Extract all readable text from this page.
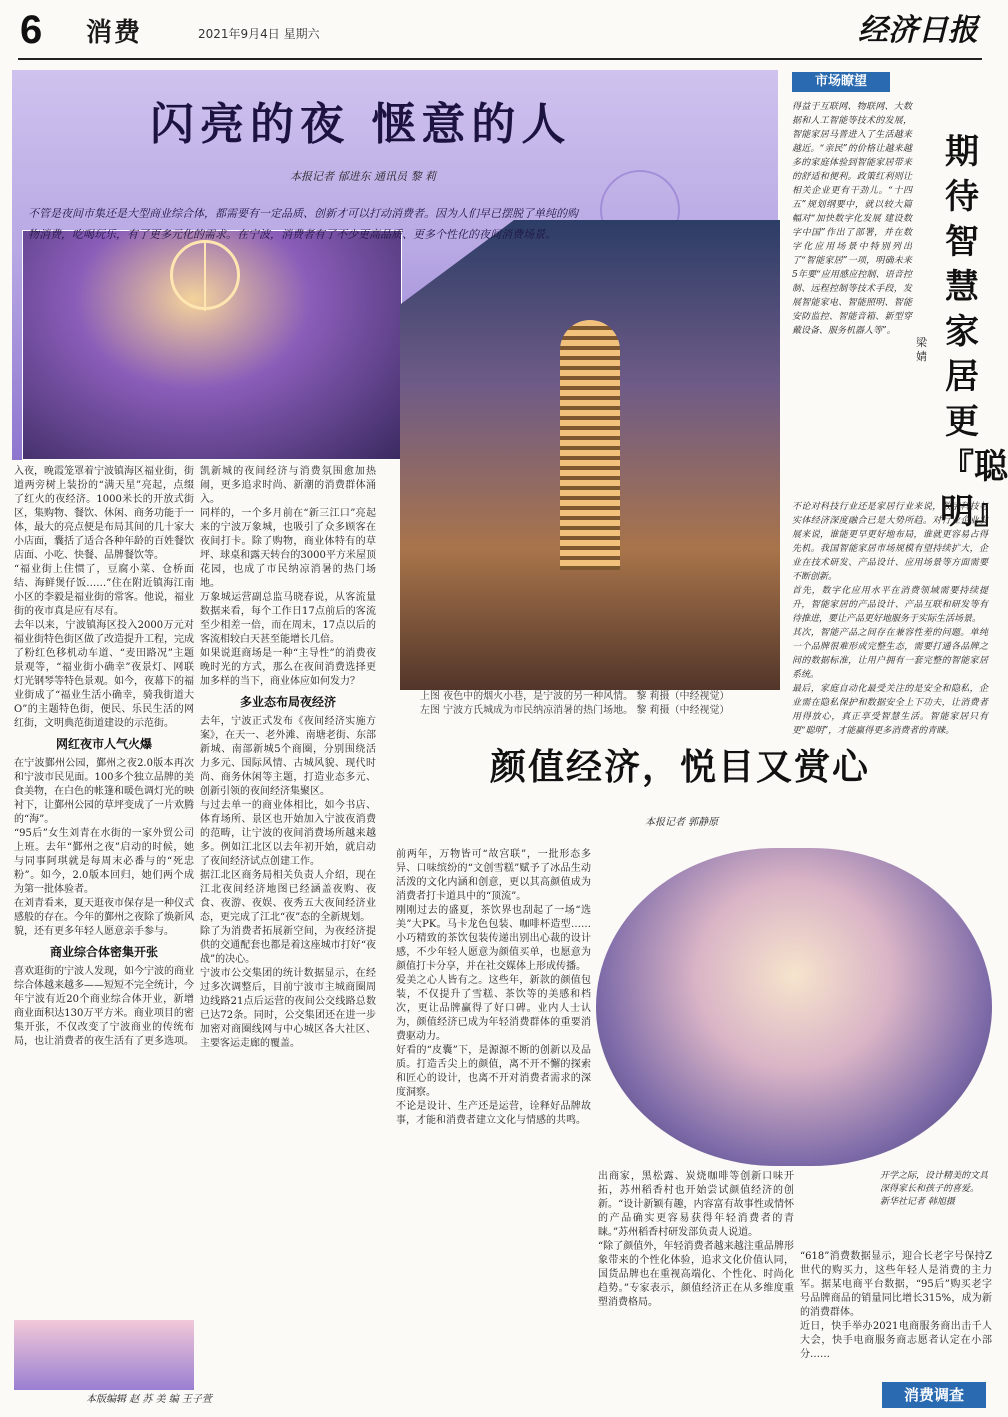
6 消费	2021年9月4日 星期六	经济日报
闪亮的夜 惬意的人
本报记者 郁进东 通讯员 黎 莉
不管是夜间市集还是大型商业综合体，都需要有一定品质、创新才可以打动消费者。因为人们早已摆脱了单纯的购物消费，吃喝玩乐，有了更多元化的需求。在宁波，消费者有了不少更高品质、更多个性化的夜间消费场景。
上图 夜色中的烟火小巷，是宁波的另一种风情。 黎 莉摄（中经视觉）
左图 宁波方氏城成为市民纳凉消暑的热门场地。 黎 莉摄（中经视觉）

入夜，晚霞笼罩着宁波镇海区福业街，街道两旁树上装扮的“满天星”亮起，点缀了红火的夜经济。1000米长的开放式街区，集购物、餐饮、休闲、商务功能于一体，最大的亮点便是布局其间的几十家大小店面，囊括了适合各种年龄的百姓餐饮店面、小吃、快餐、品牌餐饮等。

“福业街上住惯了，豆腐小菜、仓桥面结、海鲜煲仔饭……”住在附近镇海江南小区的李毅是福业街的常客。他说，福业街的夜市真是应有尽有。

去年以来，宁波镇海区投入2000万元对福业街特色街区做了改造提升工程，完成了粉红色移机动车道、“麦田路况”主题景观等，“福业街小确幸”夜景灯、网联灯光钢琴等特色景观。如今，夜幕下的福业街成了“福业生活小确幸，骑我街道大O”的主题特色街，便民、乐民生活的网红街，文明典范街道建设的示范街。

网红夜市人气火爆

在宁波鄞州公园，鄞州之夜2.0版本再次和宁波市民见面。100多个独立品牌的美食美物，在白色的帐篷和暖色调灯光的映衬下，让鄞州公园的草坪变成了一片欢腾的“海”。

“95后”女生刘青在水街的一家外贸公司上班。去年“鄞州之夜”启动的时候，她与同事阿琪就是每周末必番与的“死忠粉”。如今，2.0版本回归，她们两个成为第一批体验者。

在刘青看来，夏天逛夜市保存是一种仪式感般的存在。今年的鄞州之夜除了焕新风貌，还有更多年轻人愿意亲手参与。

商业综合体密集开张

喜欢逛街的宁波人发现，如今宁波的商业综合体越来越多——短短不完全统计，今年宁波有近20个商业综合体开业，新增商业面积达130万平方米。商业项目的密集开张，不仅改变了宁波商业的传统布局，也让消费者的夜生活有了更多选项。

凯新城的夜间经济与消费氛围愈加热闹，更多追求时尚、新潮的消费群体涌入。

同样的，一个多月前在“新三江口”亮起来的宁波万象城，也吸引了众多顾客在夜间打卡。除了购物，商业体特有的草坪、球桌和露天转台的3000平方米屋顶花园，也成了市民纳凉消暑的热门场地。

万象城运营副总监马晓春说，从客流量数据来看，每个工作日17点前后的客流至少相差一倍，而在周末，17点以后的客流相较白天甚至能增长几倍。

如果说逛商场是一种“主导性”的消费夜晚时光的方式，那么在夜间消费选择更加多样的当下，商业体应如何发力？

多业态布局夜经济

去年，宁波正式发布《夜间经济实施方案》，在天一、老外滩、南塘老街、东部新城、南部新城5个商圈，分别围绕活力多元、国际风情、古城风貌、现代时尚、商务休闲等主题，打造业态多元、创新引领的夜间经济集聚区。

与过去单一的商业体相比，如今书店、体育场所、景区也开始加入宁波夜消费的范畴，让宁波的夜间消费场所越来越多。例如江北区以去年初开始，就启动了夜间经济试点创建工作。

据江北区商务局相关负责人介绍，现在江北夜间经济地图已经涵盖夜购、夜食、夜游、夜娱、夜秀五大夜间经济业态，更完成了江北“夜”态的全新规划。

除了为消费者拓展新空间，为夜经济提供的交通配套也都是着这座城市打好“夜战”的决心。

宁波市公交集团的统计数据显示，在经过多次调整后，目前宁波市主城商圈周边线路21点后运营的夜间公交线路总数已达72条。同时，公交集团还在进一步加密对商圈线网与中心城区各大社区、主要客运走廊的覆盖。

市场瞭望
期待智慧家居更『聪明』
梁婧

得益于互联网、物联网、大数据和人工智能等技术的发展，智能家居马普进入了生活越来越近。“亲民”的价格让越来越多的家庭体验到智能家居带来的舒适和便利。政策红利则让相关企业更有干劲儿。“十四五”规划纲要中，就以较大篇幅对“加快数字化发展 建设数字中国”作出了部署，并在数字化应用场景中特别列出了“智能家居”一项，明确未来5年要“应用感应控制、语音控制、远程控制等技术手段，发展智能家电、智能照明、智能安防监控、智能音箱、新型穿戴设备、服务机器人等”。

不论对科技行业还是家居行业来说，数字科技与实体经济深度融合已是大势所趋。对行业企业发展来说，谁能更早更好地布局，谁就更容易占得先机。我国智能家居市场规模有望持续扩大，企业在技术研发、产品设计、应用场景等方面需要不断创新。

首先，数字化应用水平在消费领域需要持续提升，智能家居的产品设计、产品互联和研发等有待推进，要让产品更好地服务于实际生活场景。

其次，智能产品之间存在兼容性差的问题。单纯一个品牌很难形成完整生态，需要打通各品牌之间的数据标准，让用户拥有一套完整的智能家居系统。

最后，家庭自动化最受关注的是安全和隐私，企业需在隐私保护和数据安全上下功夫，让消费者用得放心，真正享受智慧生活。智能家居只有更“聪明”，才能赢得更多消费者的青睐。

颜值经济，悦目又赏心
本报记者 郭静原

前两年，万物皆可“故宫联”，一批形态多异、口味缤纷的“文创雪糕”赋予了冰品生动活泼的文化内涵和创意，更以其高颜值成为消费者打卡道具中的“顶流”。

刚刚过去的盛夏，茶饮界也刮起了一场“选美”大PK。马卡龙色包装、咖啡杯造型……小巧精致的茶饮包装传递出别出心裁的设计感，不少年轻人愿意为颜值买单，也愿意为颜值打卡分享，并在社交媒体上形成传播。

爱美之心人皆有之。这些年，新款的颜值包装，不仅提升了雪糕、茶饮等的美感和档次，更让品牌赢得了好口碑。业内人士认为，颜值经济已成为年轻消费群体的重要消费驱动力。

好看的“皮囊”下，是源源不断的创新以及品质。打造舌尖上的颜值，离不开不懈的探索和匠心的设计，也离不开对消费者需求的深度洞察。

不论是设计、生产还是运营，诠释好品牌故事，才能和消费者建立文化与情感的共鸣。

开学之际，设计精美的文具深得家长和孩子的喜爱。 新华社记者 韩旭摄

出商家，黑松露、炭烧咖啡等创新口味开拓，苏州稻香村也开始尝试颜值经济的创新。“设计新颖有趣，内容富有故事性或情怀的产品确实更容易获得年轻消费者的青睐。”苏州稻香村研发部负责人说道。

“除了颜值外，年轻消费者越来越注重品牌形象带来的个性化体验，追求文化价值认同，国货品牌也在重视高端化、个性化、时尚化趋势。”专家表示，颜值经济正在从多维度重塑消费格局。

“618”消费数据显示，迎合长老字号保持Z世代的购买力，这些年轻人是消费的主力军。据某电商平台数据，“95后”购买老字号品牌商品的销量同比增长315%，成为新的消费群体。

近日，快手举办2021电商服务商出击千人大会，快手电商服务商志愿者认定在小部分……

消费调查
本版编辑 赵 苏 美 编 王子萱
